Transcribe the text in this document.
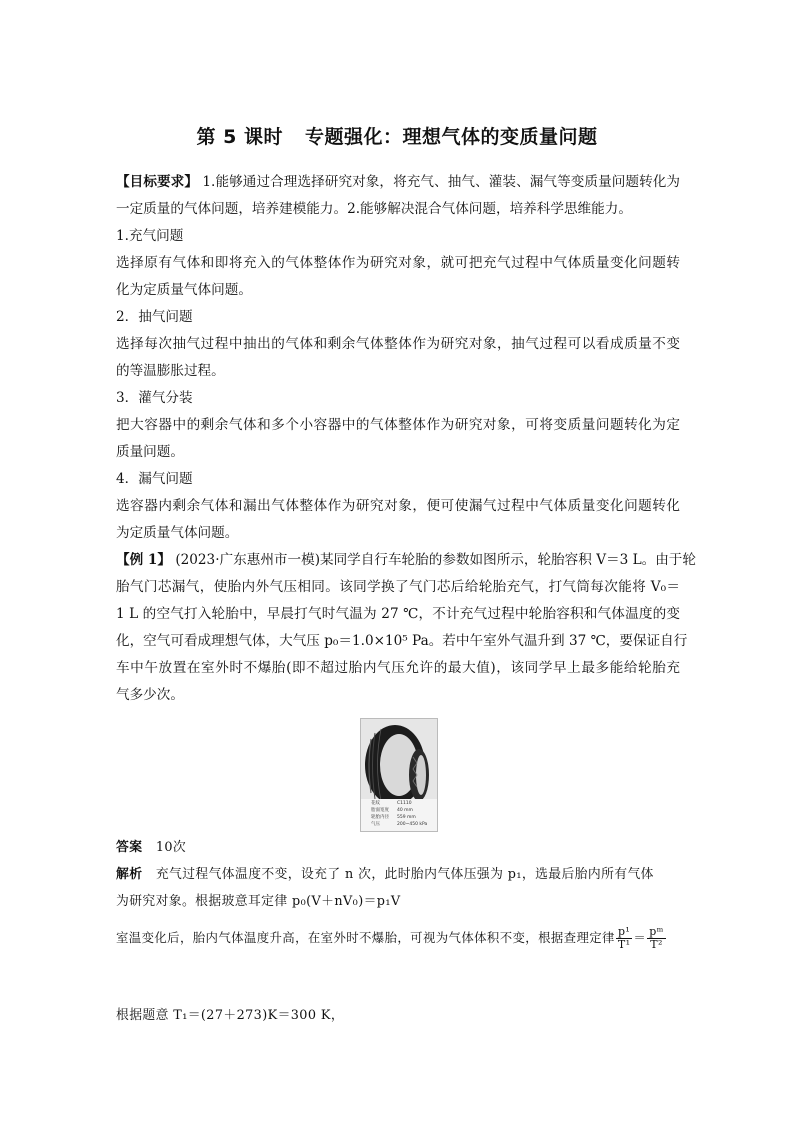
第 5 课时 专题强化：理想气体的变质量问题
【目标要求】 1.能够通过合理选择研究对象，将充气、抽气、灌装、漏气等变质量问题转化为
一定质量的气体问题，培养建模能力。2.能够解决混合气体问题，培养科学思维能力。
1.充气问题
选择原有气体和即将充入的气体整体作为研究对象，就可把充气过程中气体质量变化问题转
化为定质量气体问题。
2．抽气问题
选择每次抽气过程中抽出的气体和剩余气体整体作为研究对象，抽气过程可以看成质量不变
的等温膨胀过程。
3．灌气分装
把大容器中的剩余气体和多个小容器中的气体整体作为研究对象，可将变质量问题转化为定
质量问题。
4．漏气问题
选容器内剩余气体和漏出气体整体作为研究对象，便可使漏气过程中气体质量变化问题转化
为定质量气体问题。
【例 1】 (2023·广东惠州市一模)某同学自行车轮胎的参数如图所示，轮胎容积 V＝3 L。由于轮
胎气门芯漏气，使胎内外气压相同。该同学换了气门芯后给轮胎充气，打气筒每次能将 V₀＝
1 L 的空气打入轮胎中，早晨打气时气温为 27 ℃，不计充气过程中轮胎容积和气体温度的变
化，空气可看成理想气体，大气压 p₀＝1.0×10⁵ Pa。若中午室外气温升到 37 ℃，要保证自行
车中午放置在室外时不爆胎(即不超过胎内气压允许的最大值)，该同学早上最多能给轮胎充
气多少次。
花纹
胎面宽度
轮胎内径
气压
C1110
40 mm
559 mm
200~450 kPa
答案 10次
解析 充气过程气体温度不变，设充了 n 次，此时胎内气体压强为 p₁，选最后胎内所有气体
为研究对象。根据玻意耳定律 p₀(V＋nV₀)＝p₁V
室温变化后，胎内气体温度升高，在室外时不爆胎，可视为气体体积不变，根据查理定律 $\frac{\text{p¹}}{\text{T¹}} = \frac{\text{pᵐ}}{\text{T²}}$
根据题意 T₁＝(27＋273)K＝300 K，
